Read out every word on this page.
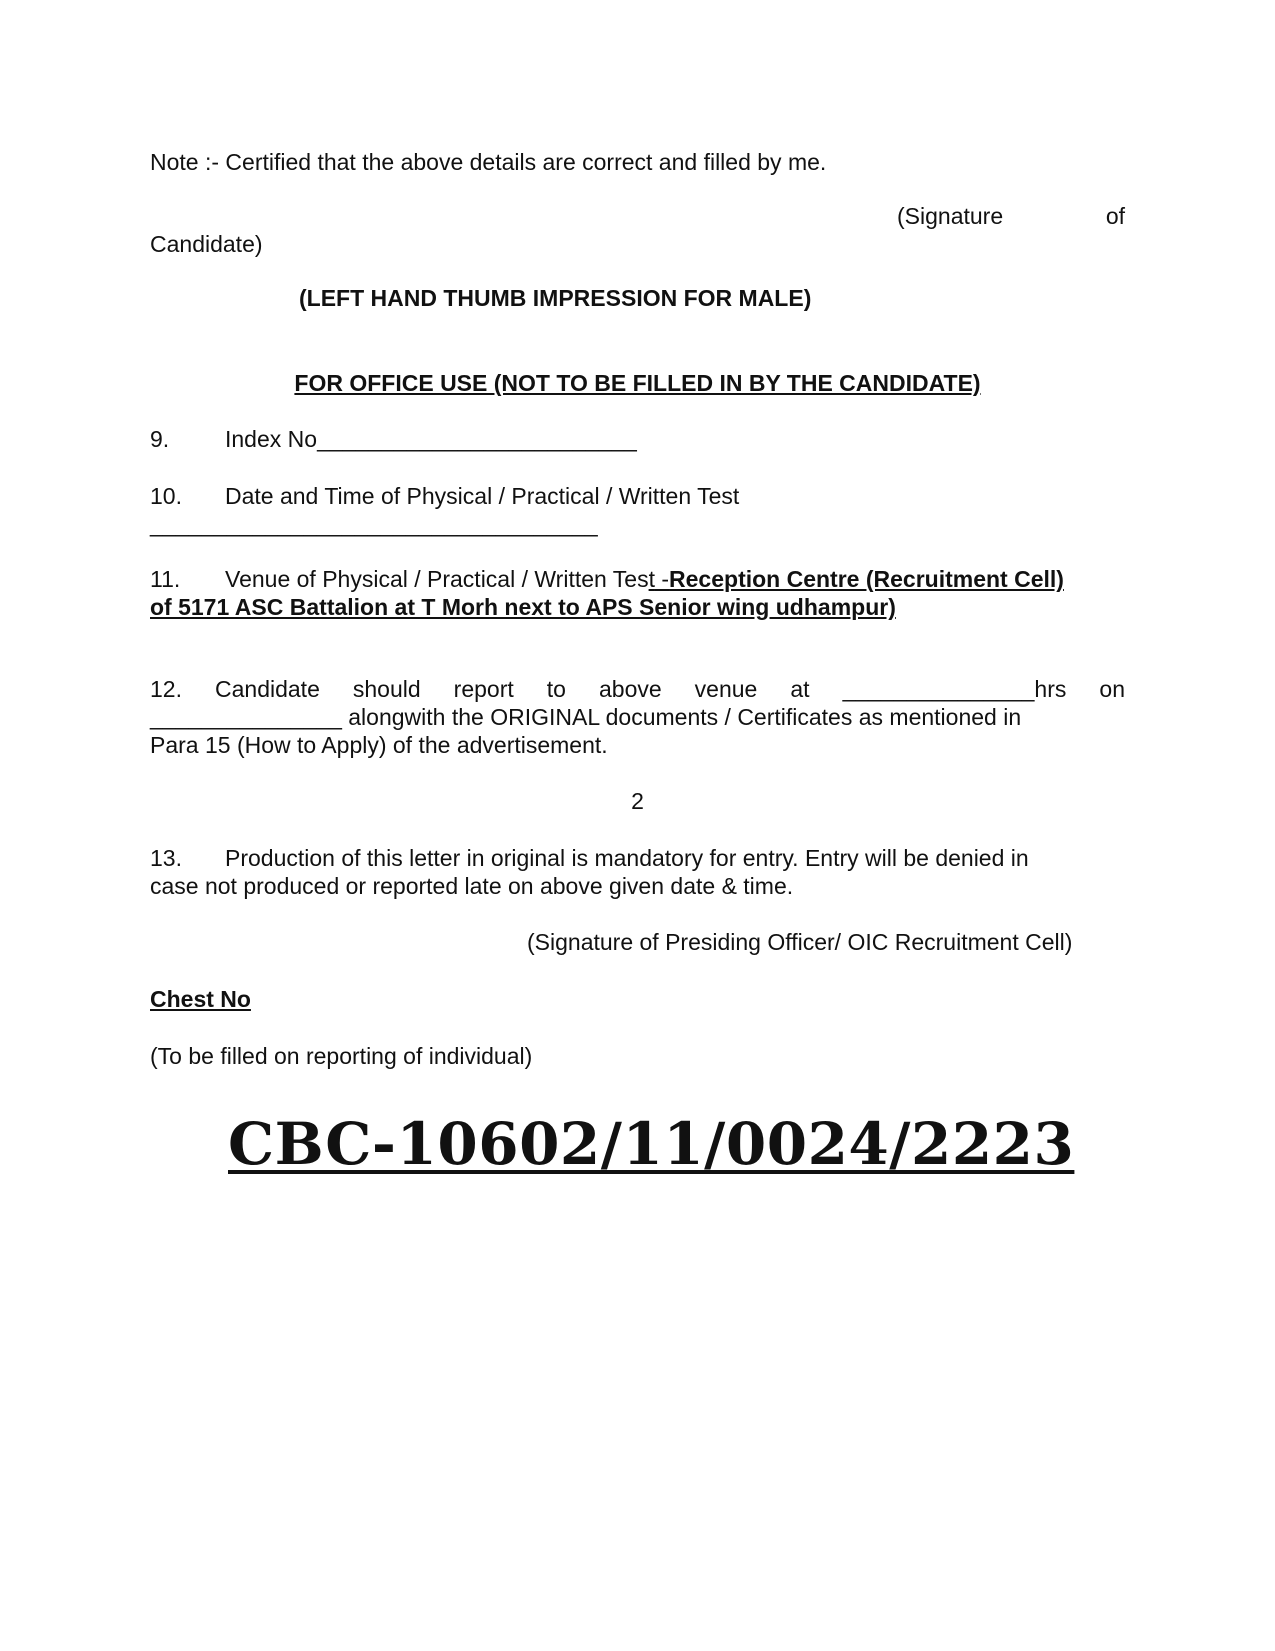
Note :- Certified that the above details are correct and filled by me.
(Signature	of
Candidate)
(LEFT HAND THUMB IMPRESSION FOR MALE)
FOR OFFICE USE (NOT TO BE FILLED IN BY THE CANDIDATE)
9. Index No_________________________
10. Date and Time of Physical / Practical / Written Test
___________________________________
11. Venue of Physical / Practical / Written Test -Reception Centre (Recruitment Cell)
of 5171 ASC Battalion at T Morh next to APS Senior wing udhampur)
12. Candidate should report to above venue at _______________hrs on
_______________ alongwith the ORIGINAL documents / Certificates as mentioned in
Para 15 (How to Apply) of the advertisement.
2
13. Production of this letter in original is mandatory for entry. Entry will be denied in
case not produced or reported late on above given date & time.
(Signature of Presiding Officer/ OIC Recruitment Cell)
Chest No
(To be filled on reporting of individual)
CBC-10602/11/0024/2223
